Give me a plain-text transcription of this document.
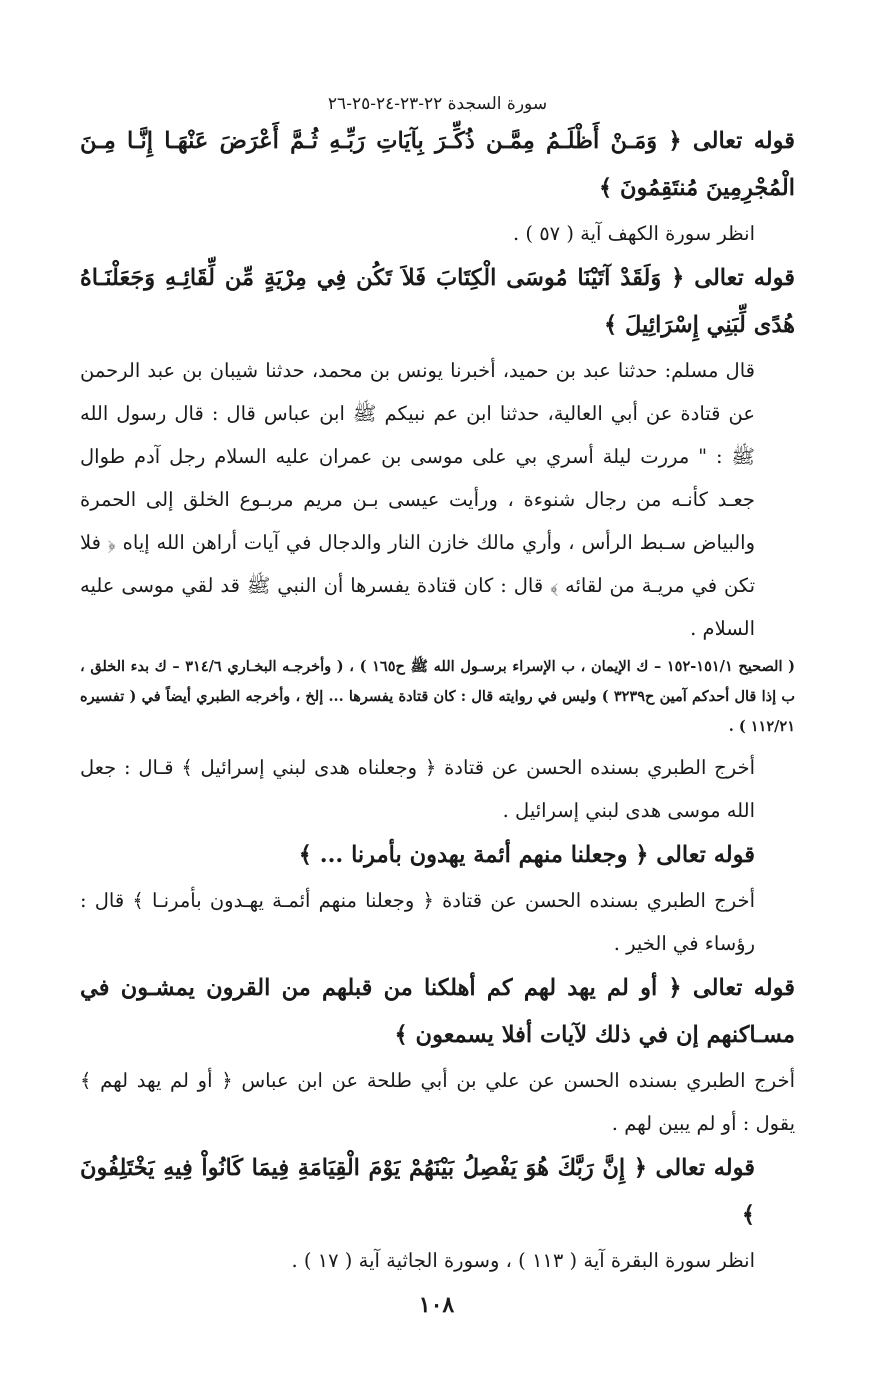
سورة السجدة ٢٢-٢٣-٢٤-٢٥-٢٦

قوله تعالى ﴿ وَمَـنْ أَظْلَـمُ مِمَّـن ذُكِّـرَ بِآيَاتِ رَبِّـهِ ثُـمَّ أَعْرَضَ عَنْهَـا إِنَّـا مِـنَ الْمُجْرِمِينَ مُنتَقِمُونَ ﴾

انظر سورة الكهف آية ( ٥٧ ) .

قوله تعالى ﴿ وَلَقَدْ آتَيْنَا مُوسَى الْكِتَابَ فَلاَ تَكُن فِي مِرْيَةٍ مِّن لِّقَائِـهِ وَجَعَلْنَـاهُ هُدًى لِّبَنِي إِسْرَائِيلَ ﴾

قال مسلم: حدثنا عبد بن حميد، أخبرنا يونس بن محمد، حدثنا شيبان بن عبد الرحمن عن قتادة عن أبي العالية، حدثنا ابن عم نبيكم ﷺ ابن عباس قال : قال رسول الله ﷺ : " مررت ليلة أسري بي على موسى بن عمران عليه السلام رجل آدم طوال جعـد كأنـه من رجال شنوءة ، ورأيت عيسى بـن مريم مربـوع الخلق إلى الحمرة والبياض سـبط الرأس ، وأري مالك خازن النار والدجال في آيات أراهن الله إياه ﴿ فلا تكن في مريـة من لقائه ﴾ قال : كان قتادة يفسرها أن النبي ﷺ قد لقي موسى عليه السلام .

( الصحيح ١٥١/١-١٥٢ – ك الإيمان ، ب الإسراء برسـول الله ﷺ ح١٦٥ ) ، ( وأخرجـه البخـاري ٣١٤/٦ – ك بدء الخلق ، ب إذا قال أحدكم آمين ح٣٢٣٩ ) وليس في روايته قال : كان قتادة يفسرها ... إلخ ، وأخرجه الطبري أيضاً في ( تفسيره ١١٢/٢١ ) .

أخرج الطبري بسنده الحسن عن قتادة ﴿ وجعلناه هدى لبني إسرائيل ﴾ قـال : جعل الله موسى هدى لبني إسرائيل .

قوله تعالى ﴿ وجعلنا منهم أئمة يهدون بأمرنا ... ﴾

أخرج الطبري بسنده الحسن عن قتادة ﴿ وجعلنا منهم أئمـة يهـدون بأمرنـا ﴾ قال : رؤساء في الخير .

قوله تعالى ﴿ أو لم يهد لهم كم أهلكنا من قبلهم من القرون يمشـون في مسـاكنهم إن في ذلك لآيات أفلا يسمعون ﴾

أخرج الطبري بسنده الحسن عن علي بن أبي طلحة عن ابن عباس ﴿ أو لم يهد لهم ﴾ يقول : أو لم يبين لهم .

قوله تعالى ﴿ إِنَّ رَبَّكَ هُوَ يَفْصِلُ بَيْنَهُمْ يَوْمَ الْقِيَامَةِ فِيمَا كَانُواْ فِيهِ يَخْتَلِفُونَ ﴾

انظر سورة البقرة آية ( ١١٣ ) ، وسورة الجاثية آية ( ١٧ ) .

١٠٨
